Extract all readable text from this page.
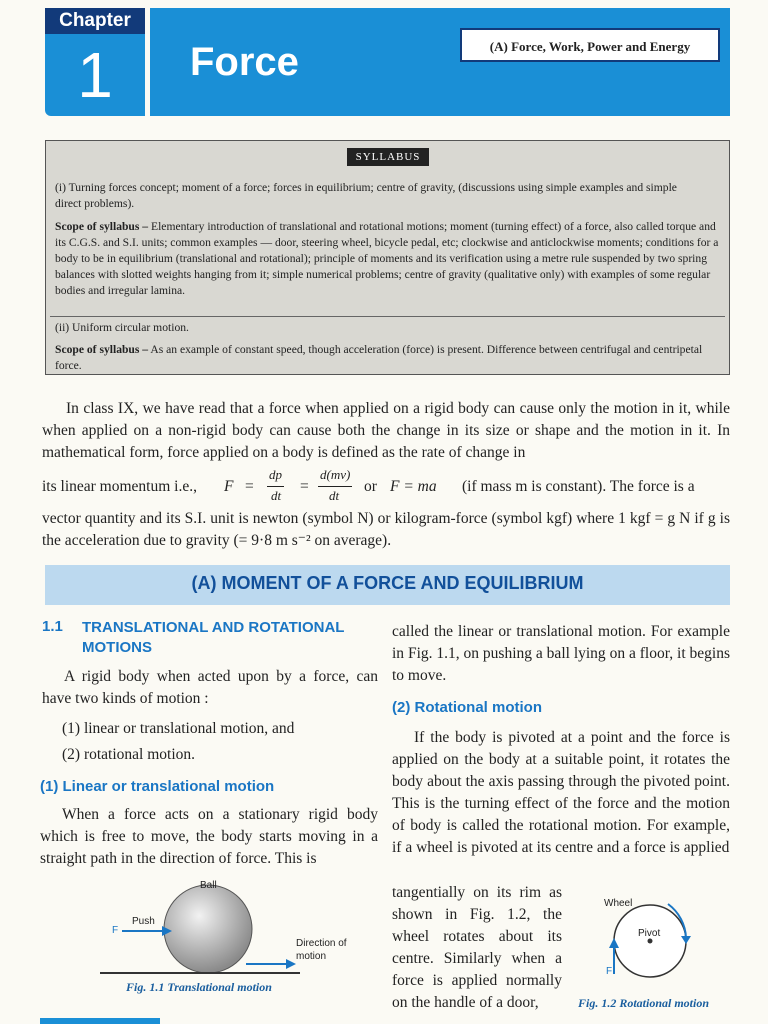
Chapter
1	Force	(A) Force, Work, Power and Energy
SYLLABUS
(i) Turning forces concept; moment of a force; forces in equilibrium; centre of gravity, (discussions using simple examples and simple direct problems).
Scope of syllabus – Elementary introduction of translational and rotational motions; moment (turning effect) of a force, also called torque and its C.G.S. and S.I. units; common examples — door, steering wheel, bicycle pedal, etc; clockwise and anticlockwise moments; conditions for a body to be in equilibrium (translational and rotational); principle of moments and its verification using a metre rule suspended by two spring balances with slotted weights hanging from it; simple numerical problems; centre of gravity (qualitative only) with examples of some regular bodies and irregular lamina.
(ii) Uniform circular motion.
Scope of syllabus – As an example of constant speed, though acceleration (force) is present. Difference between centrifugal and centripetal force.
In class IX, we have read that a force when applied on a rigid body can cause only the motion in it, while when applied on a non-rigid body can cause both the change in its size or shape and the motion in it. In mathematical form, force applied on a body is defined as the rate of change in
its linear momentum i.e., F =
dp
dt
=
d(mv)
dt
or F = ma (if mass m is constant). The force is a
vector quantity and its S.I. unit is newton (symbol N) or kilogram-force (symbol kgf) where 1 kgf = g N if g is the acceleration due to gravity (= 9·8 m s⁻² on average).
(A) MOMENT OF A FORCE AND EQUILIBRIUM
1.1 TRANSLATIONAL AND ROTATIONAL MOTIONS
A rigid body when acted upon by a force, can have two kinds of motion :
(1) linear or translational motion, and
(2) rotational motion.
(1) Linear or translational motion
When a force acts on a stationary rigid body which is free to move, the body starts moving in a straight path in the direction of force. This is
Ball
Push
F
Direction of
motion
Fig. 1.1 Translational motion
called the linear or translational motion. For example in Fig. 1.1, on pushing a ball lying on a floor, it begins to move.
(2) Rotational motion
If the body is pivoted at a point and the force is applied on the body at a suitable point, it rotates the body about the axis passing through the pivoted point. This is the turning effect of the force and the motion of body is called the rotational motion. For example, if a wheel is pivoted at its centre and a force is applied
tangentially on its rim as shown in Fig. 1.2, the wheel rotates about its centre. Similarly when a force is applied normally on the handle of a door,
Wheel
Pivot
F
Fig. 1.2 Rotational motion
